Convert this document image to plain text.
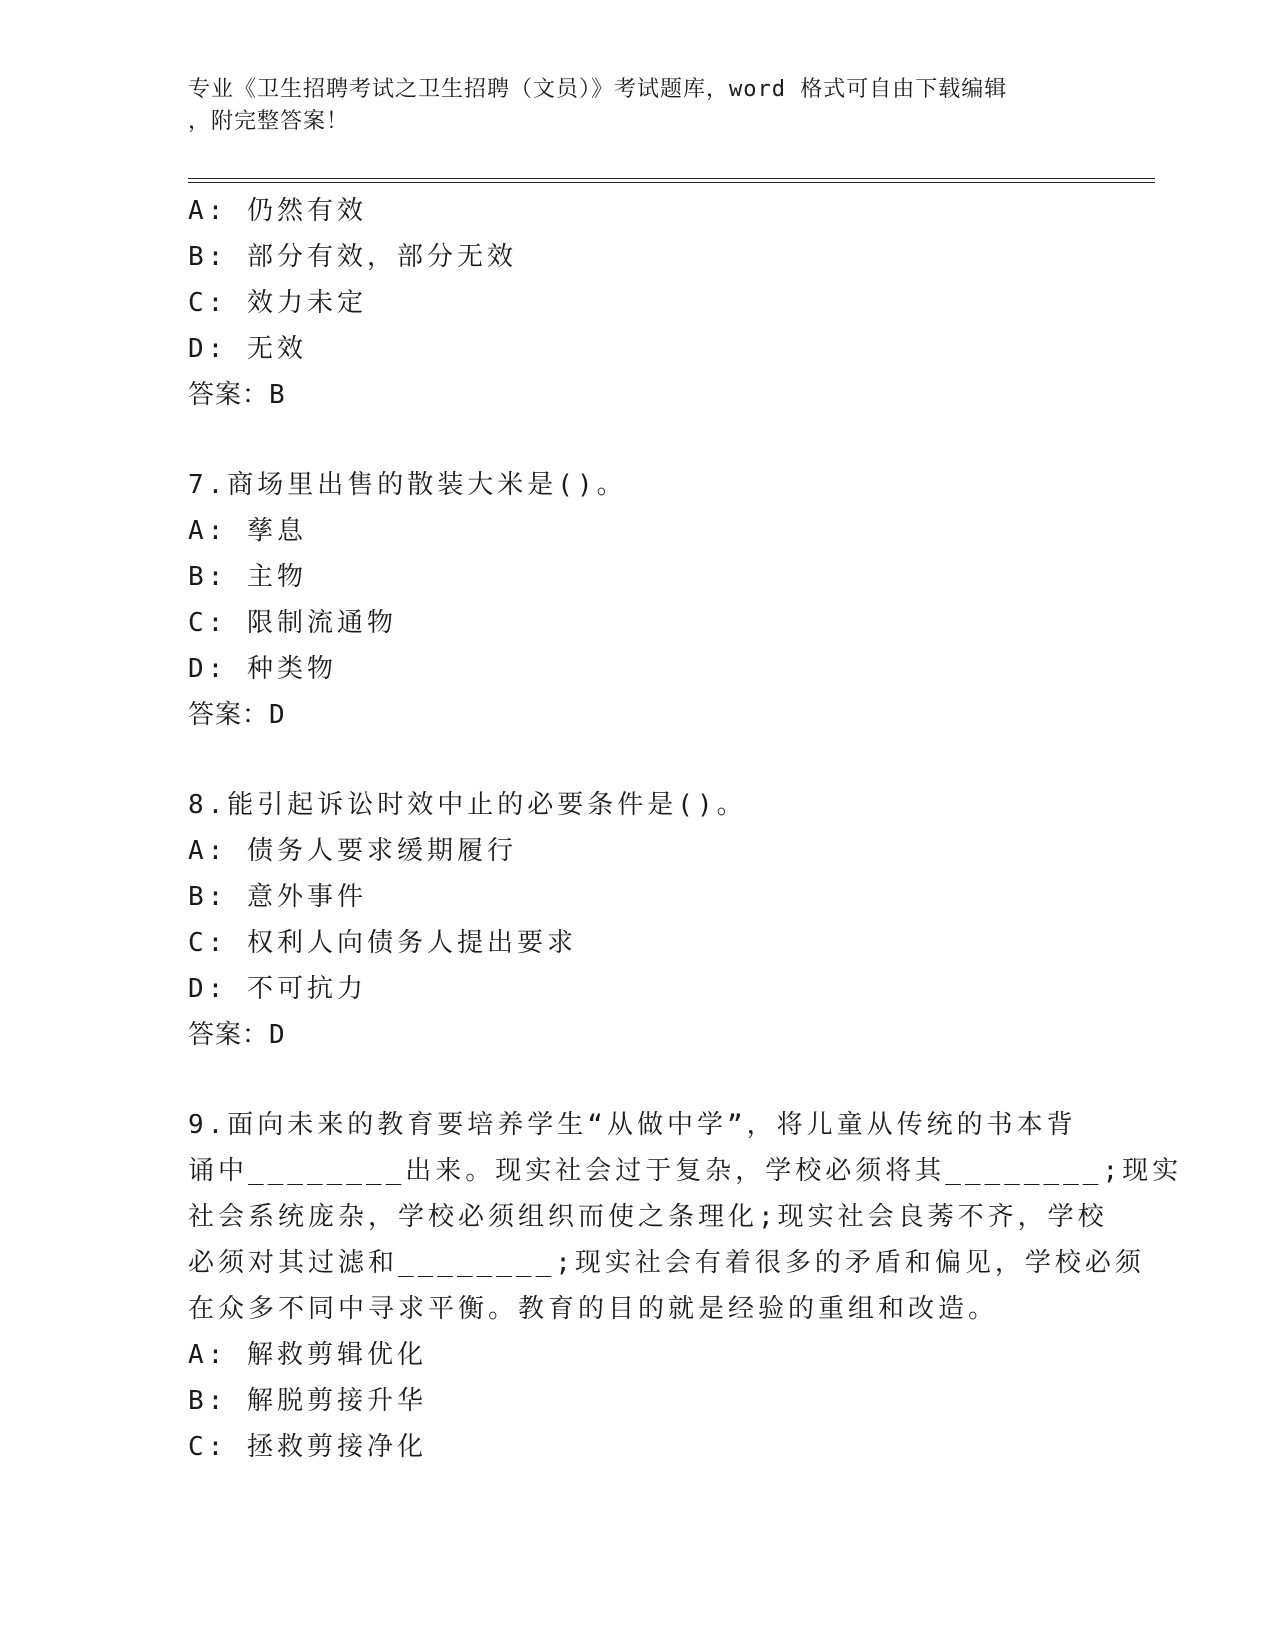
专业《卫生招聘考试之卫生招聘（文员）》考试题库，word 格式可自由下载编辑
，附完整答案！
A: 仍然有效
B: 部分有效，部分无效
C: 效力未定
D: 无效
答案：B
7.商场里出售的散装大米是()。
A: 孳息
B: 主物
C: 限制流通物
D: 种类物
答案：D
8.能引起诉讼时效中止的必要条件是()。
A: 债务人要求缓期履行
B: 意外事件
C: 权利人向债务人提出要求
D: 不可抗力
答案：D
9.面向未来的教育要培养学生“从做中学”，将儿童从传统的书本背
诵中________出来。现实社会过于复杂，学校必须将其________;现实
社会系统庞杂，学校必须组织而使之条理化;现实社会良莠不齐，学校
必须对其过滤和________;现实社会有着很多的矛盾和偏见，学校必须
在众多不同中寻求平衡。教育的目的就是经验的重组和改造。
A: 解救剪辑优化
B: 解脱剪接升华
C: 拯救剪接净化
